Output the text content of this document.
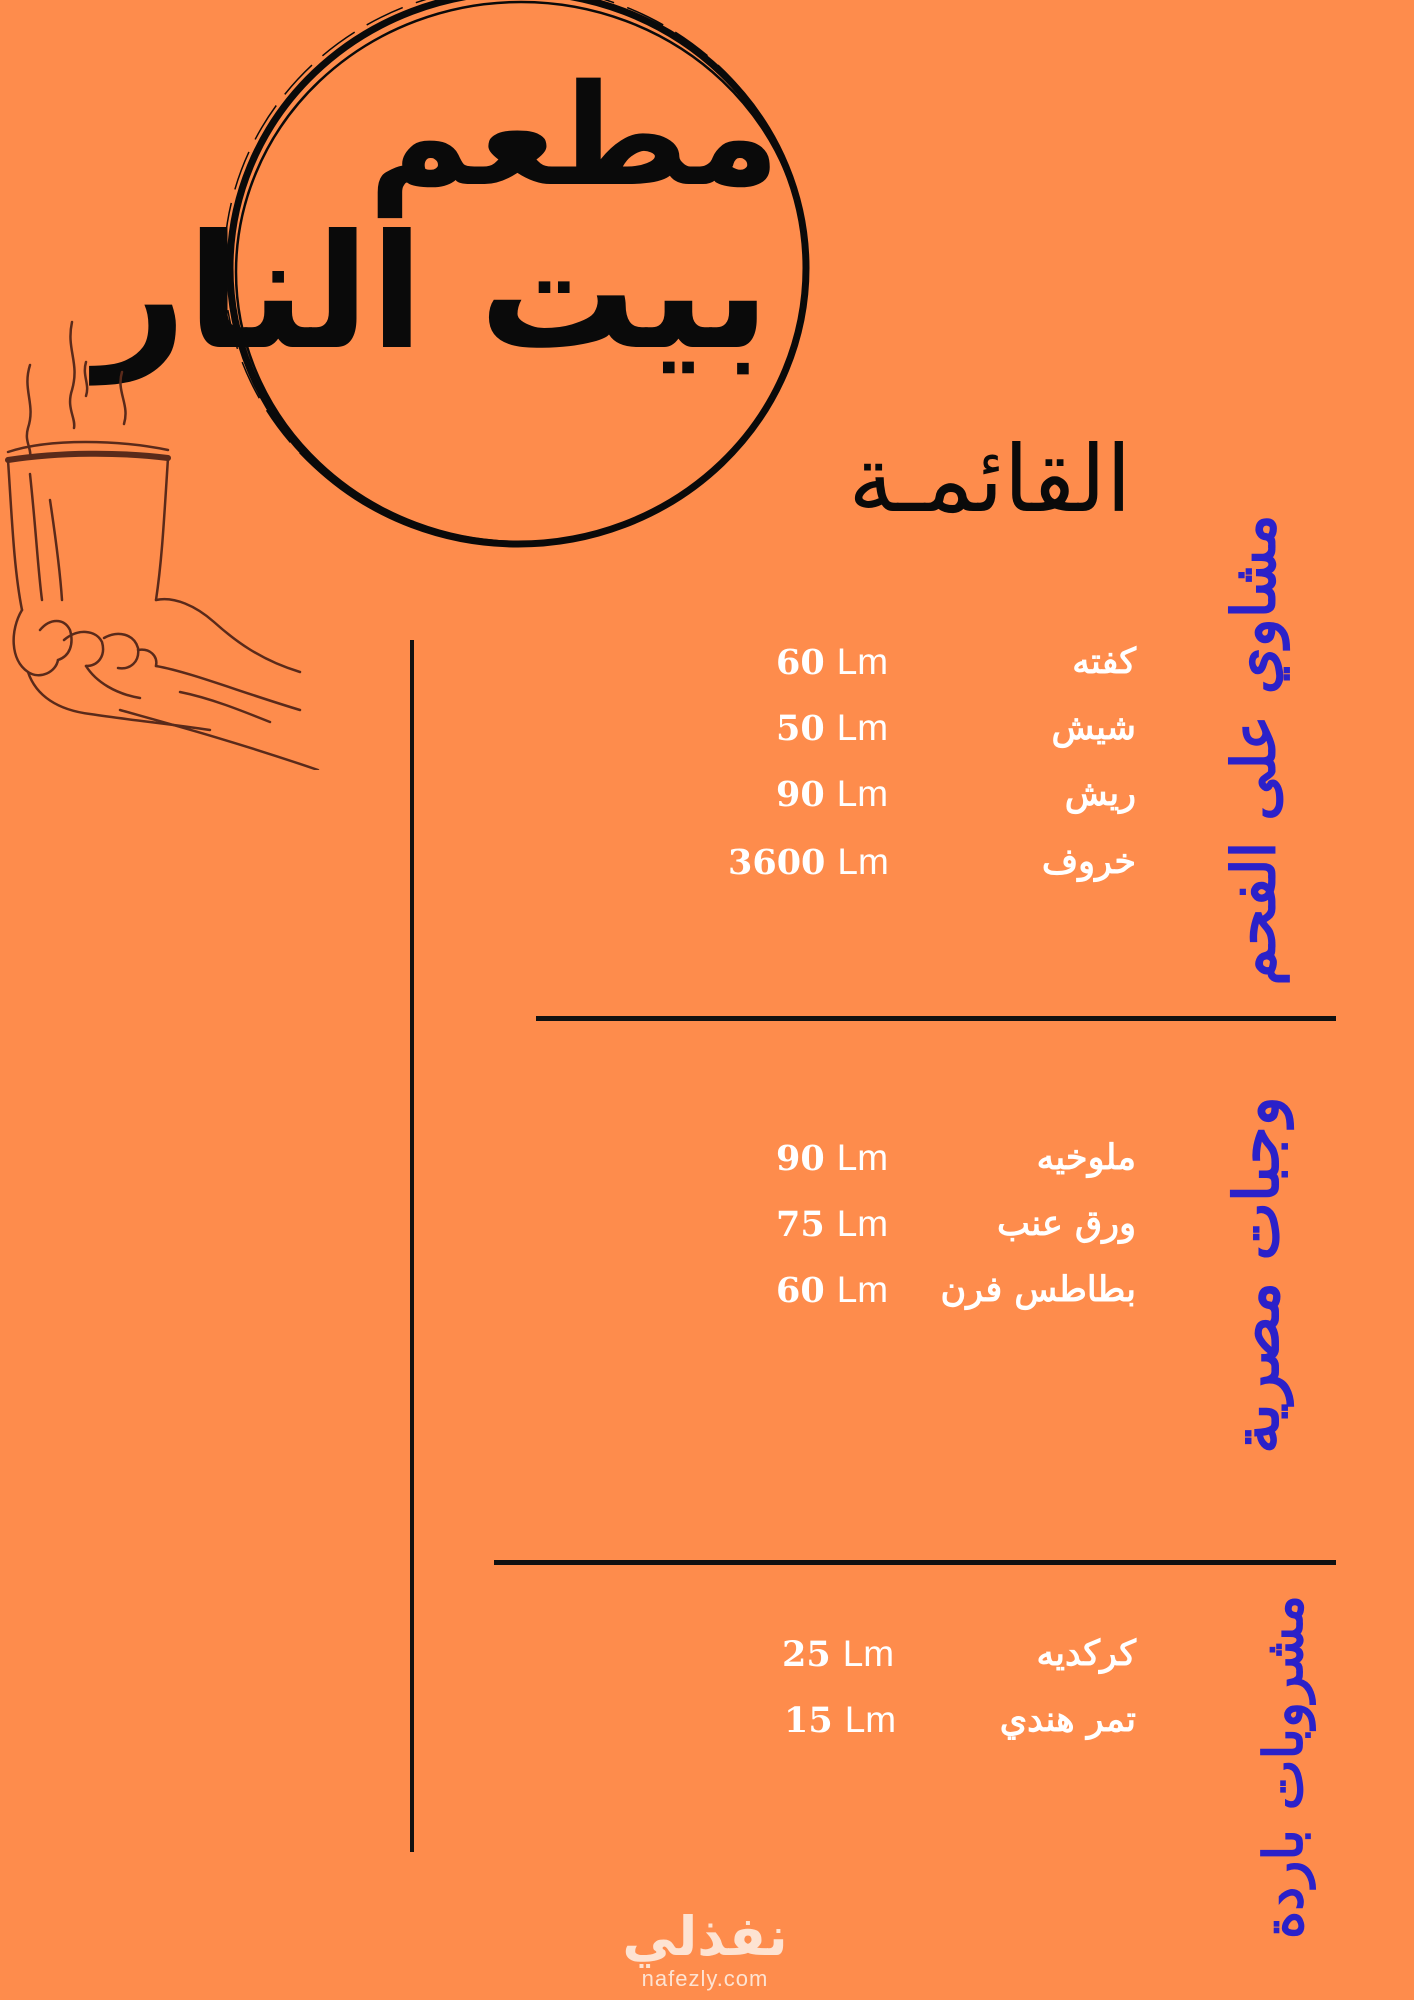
مطعم
بيت النار
القائمـة
مشاوي على الفحم
وجبات مصرية
مشروبات باردة
كفته
60 Lm
شيش
50 Lm
ريش
90 Lm
خروف
3600 Lm
ملوخيه
90 Lm
ورق عنب
75 Lm
بطاطس فرن
60 Lm
كركديه
25 Lm
تمر هندي
15 Lm
نفذلي
nafezly.com
